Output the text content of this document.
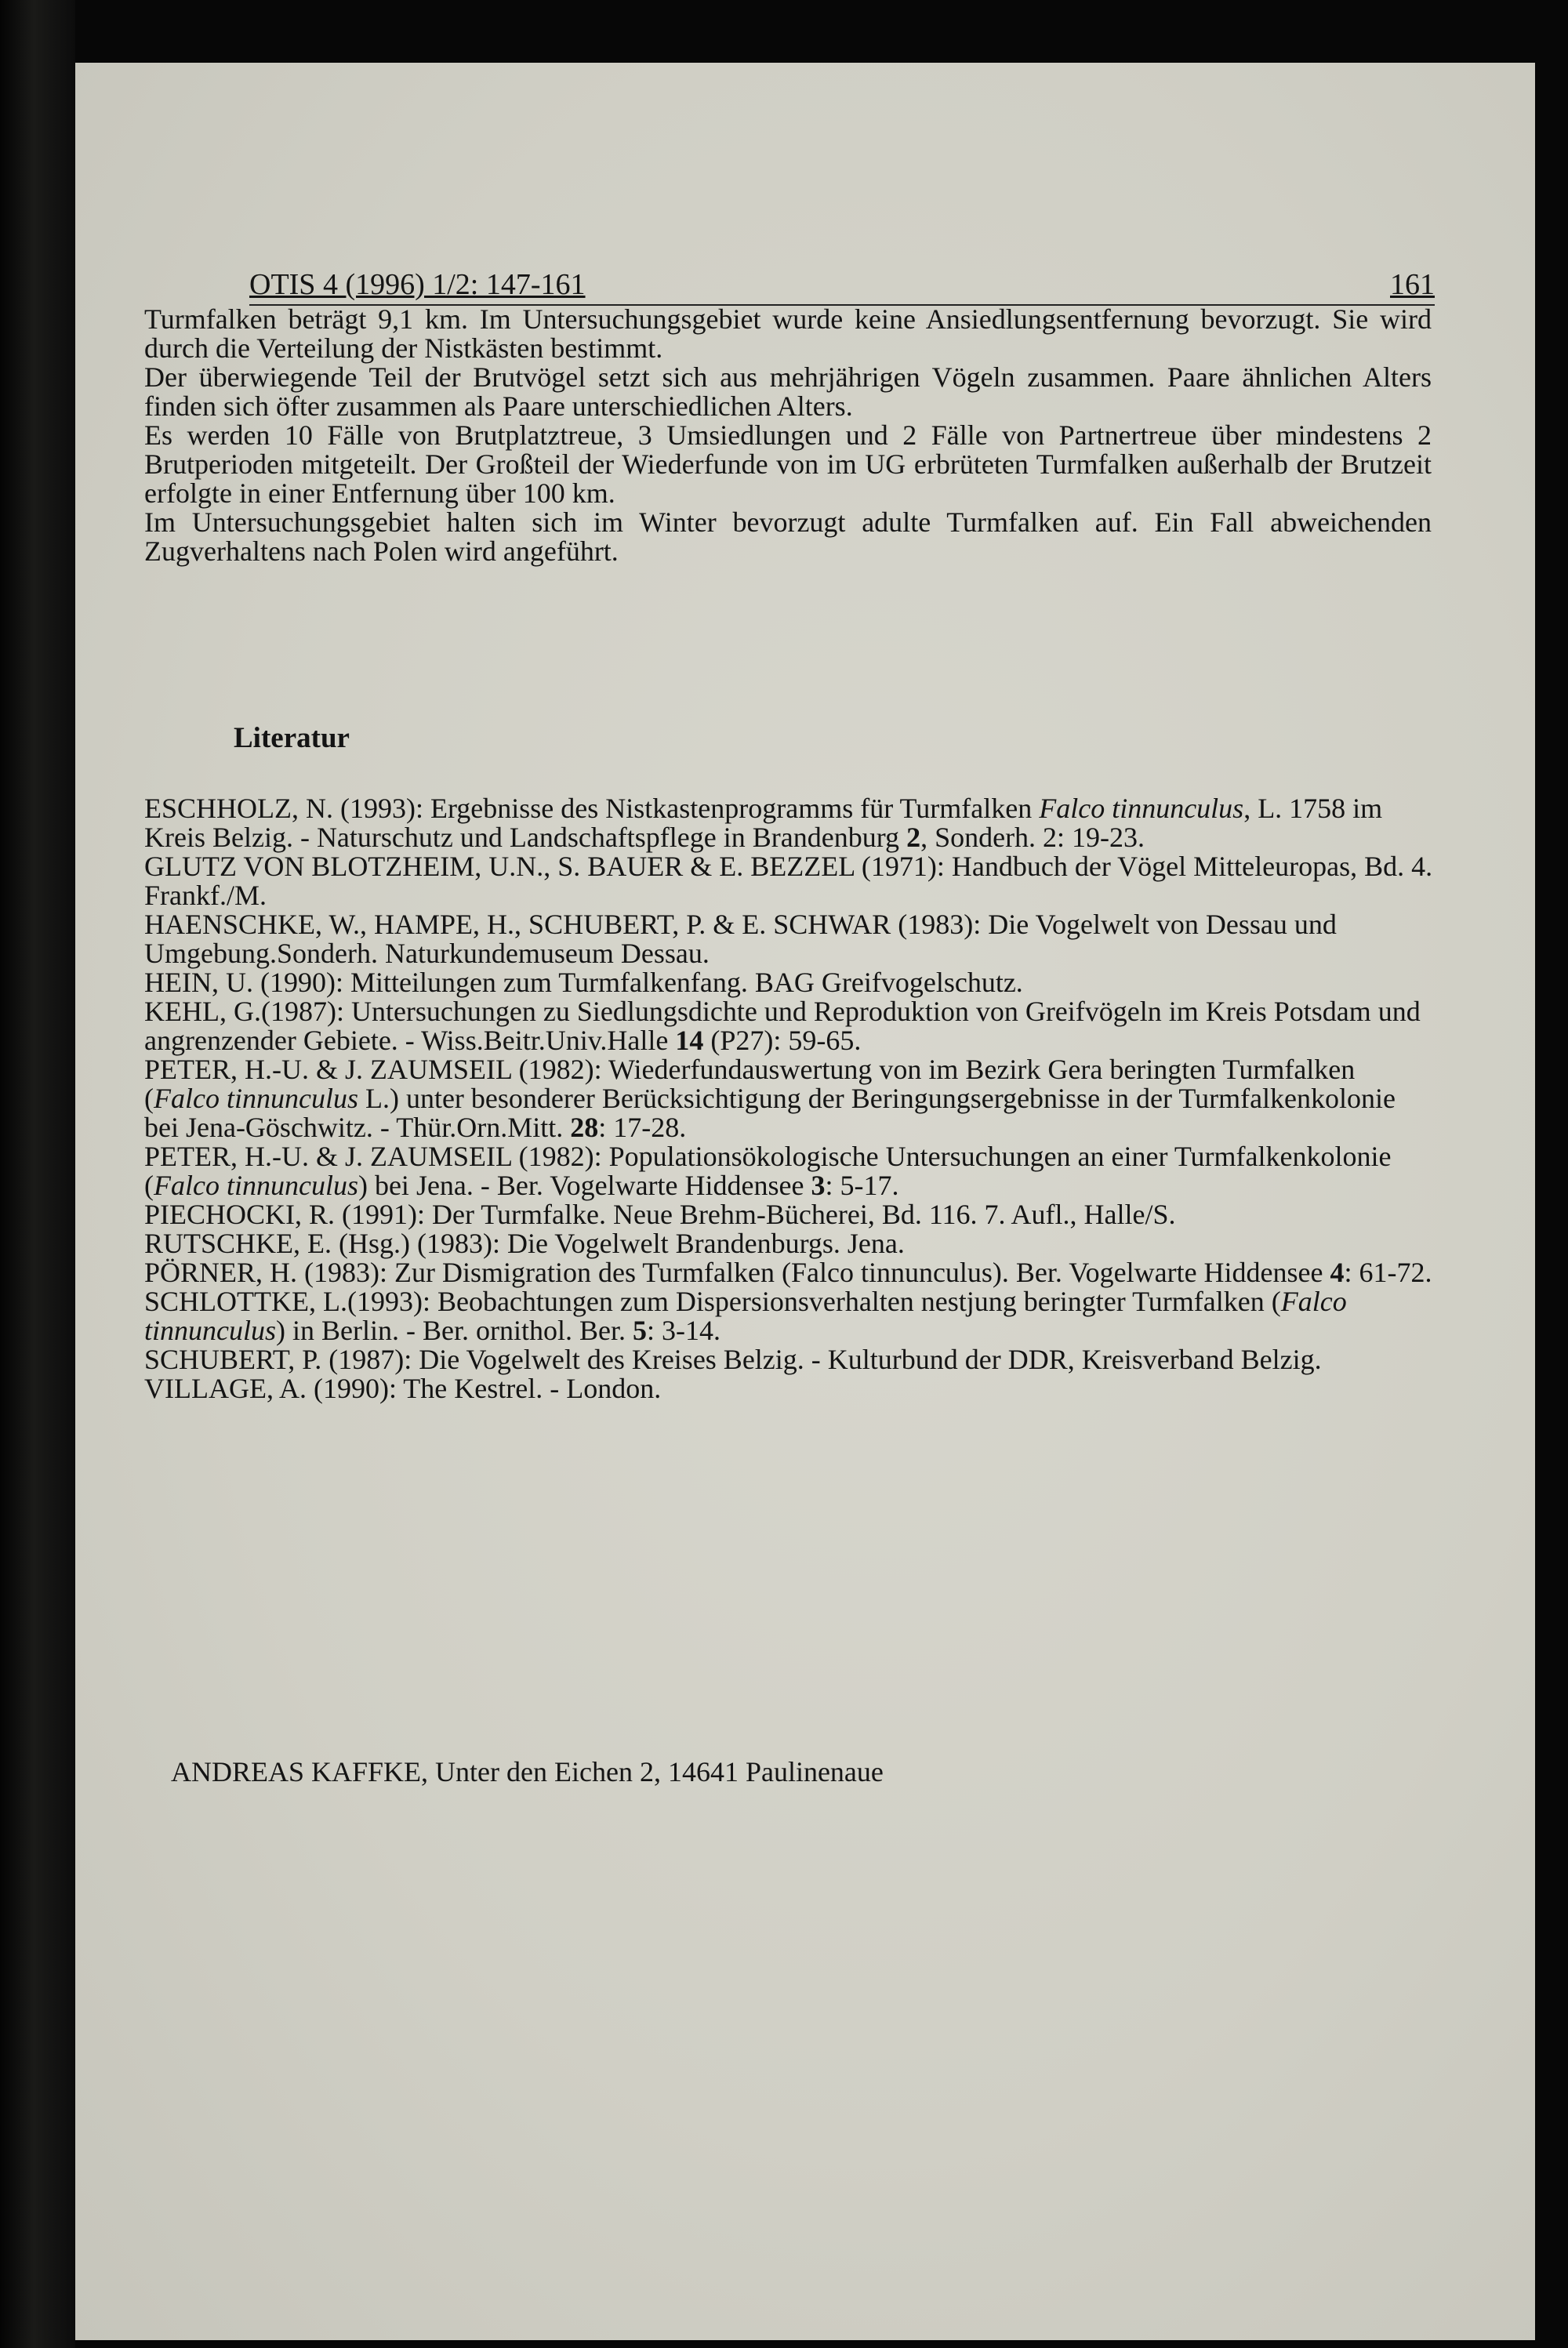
OTIS 4 (1996) 1/2: 147-161	161

Turmfalken beträgt 9,1 km. Im Untersuchungsgebiet wurde keine Ansiedlungsentfernung bevorzugt. Sie wird durch die Verteilung der Nistkästen bestimmt.

Der überwiegende Teil der Brutvögel setzt sich aus mehrjährigen Vögeln zusammen. Paare ähnlichen Alters finden sich öfter zusammen als Paare unterschiedlichen Alters.

Es werden 10 Fälle von Brutplatztreue, 3 Umsiedlungen und 2 Fälle von Partnertreue über mindestens 2 Brutperioden mitgeteilt. Der Großteil der Wiederfunde von im UG erbrüteten Turmfalken außerhalb der Brutzeit erfolgte in einer Entfernung über 100 km.

Im Untersuchungsgebiet halten sich im Winter bevorzugt adulte Turmfalken auf. Ein Fall abweichenden Zugverhaltens nach Polen wird angeführt.

Literatur

ESCHHOLZ, N. (1993): Ergebnisse des Nistkastenprogramms für Turmfalken Falco tinnunculus, L. 1758 im Kreis Belzig. - Naturschutz und Landschaftspflege in Brandenburg 2, Sonderh. 2: 19-23.

GLUTZ VON BLOTZHEIM, U.N., S. BAUER & E. BEZZEL (1971): Handbuch der Vögel Mitteleuropas, Bd. 4. Frankf./M.

HAENSCHKE, W., HAMPE, H., SCHUBERT, P. & E. SCHWAR (1983): Die Vogelwelt von Dessau und Umgebung.Sonderh. Naturkundemuseum Dessau.

HEIN, U. (1990): Mitteilungen zum Turmfalkenfang. BAG Greifvogelschutz.

KEHL, G.(1987): Untersuchungen zu Siedlungsdichte und Reproduktion von Greifvögeln im Kreis Potsdam und angrenzender Gebiete. - Wiss.Beitr.Univ.Halle 14 (P27): 59-65.

PETER, H.-U. & J. ZAUMSEIL (1982): Wiederfundauswertung von im Bezirk Gera beringten Turmfalken (Falco tinnunculus L.) unter besonderer Berücksichtigung der Beringungsergebnisse in der Turmfalkenkolonie bei Jena-Göschwitz. - Thür.Orn.Mitt. 28: 17-28.

PETER, H.-U. & J. ZAUMSEIL (1982): Populationsökologische Untersuchungen an einer Turmfalkenkolonie (Falco tinnunculus) bei Jena. - Ber. Vogelwarte Hiddensee 3: 5-17.

PIECHOCKI, R. (1991): Der Turmfalke. Neue Brehm-Bücherei, Bd. 116. 7. Aufl., Halle/S.

RUTSCHKE, E. (Hsg.) (1983): Die Vogelwelt Brandenburgs. Jena.

PÖRNER, H. (1983): Zur Dismigration des Turmfalken (Falco tinnunculus). Ber. Vogelwarte Hiddensee 4: 61-72.

SCHLOTTKE, L.(1993): Beobachtungen zum Dispersionsverhalten nestjung beringter Turmfalken (Falco tinnunculus) in Berlin. - Ber. ornithol. Ber. 5: 3-14.

SCHUBERT, P. (1987): Die Vogelwelt des Kreises Belzig. - Kulturbund der DDR, Kreisverband Belzig.

VILLAGE, A. (1990): The Kestrel. - London.

ANDREAS KAFFKE, Unter den Eichen 2, 14641 Paulinenaue
